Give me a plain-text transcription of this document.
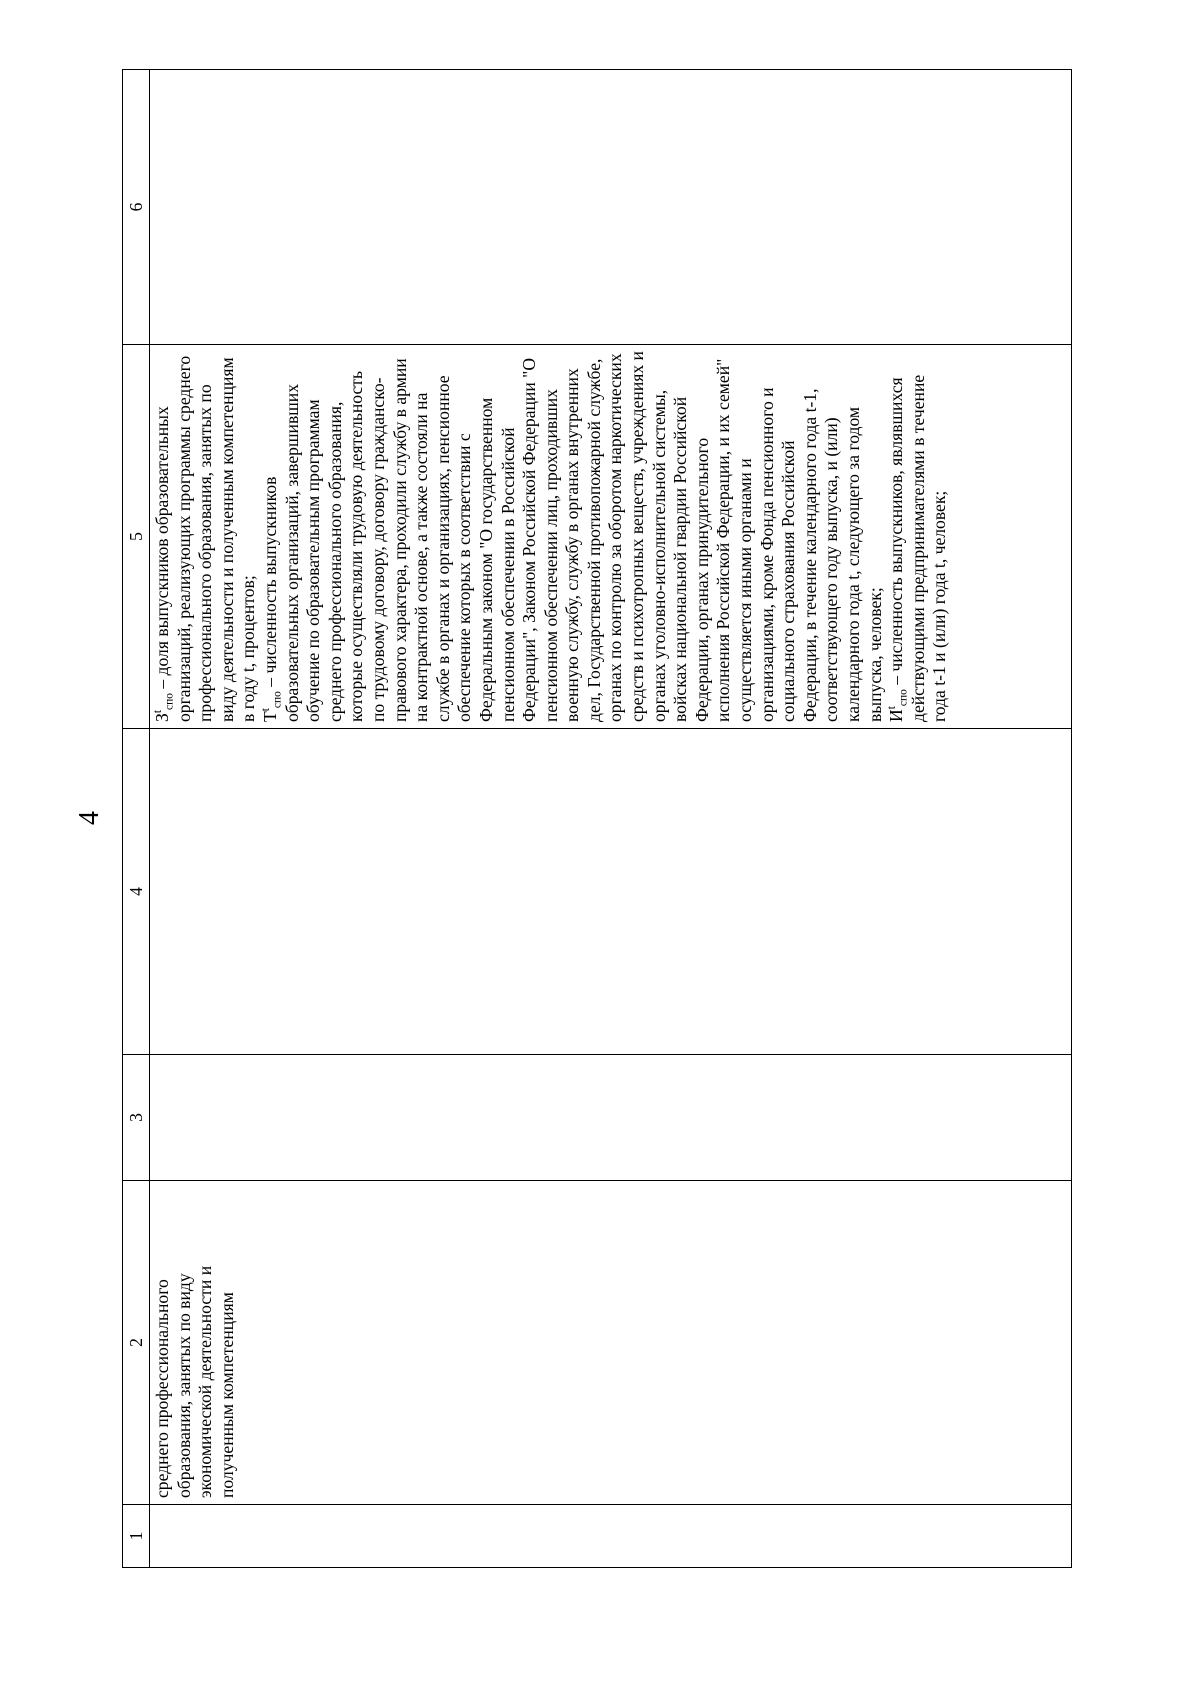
4
1	2	3	4	5	6
	среднего профессионального образования, занятых по виду экономической деятельности и полученным компетенциям			$З^t_{спо}$ – доля выпускников образовательных организаций, реализующих программы среднего профессионального образования, занятых по виду деятельности и полученным компетенциям в году t, процентов; $Т^t_{спо}$ – численность выпускников образовательных организаций, завершивших обучение по образовательным программам среднего профессионального образования, которые осуществляли трудовую деятельность по трудовому договору, договору гражданско-правового характера, проходили службу в армии на контрактной основе, а также состояли на службе в органах и организациях, пенсионное обеспечение которых в соответствии с Федеральным законом "О государственном пенсионном обеспечении в Российской Федерации", Законом Российской Федерации "О пенсионном обеспечении лиц, проходивших военную службу, службу в органах внутренних дел, Государственной противопожарной службе, органах по контролю за оборотом наркотических средств и психотропных веществ, учреждениях и органах уголовно-исполнительной системы, войсках национальной гвардии Российской Федерации, органах принудительного исполнения Российской Федерации, и их семей" осуществляется иными органами и организациями, кроме Фонда пенсионного и социального страхования Российской Федерации, в течение календарного года t-1, соответствующего году выпуска, и (или) календарного года t, следующего за годом выпуска, человек; $И^t_{спо}$ – численность выпускников, являвшихся действующими предпринимателями в течение года t-1 и (или) года t, человек;	
